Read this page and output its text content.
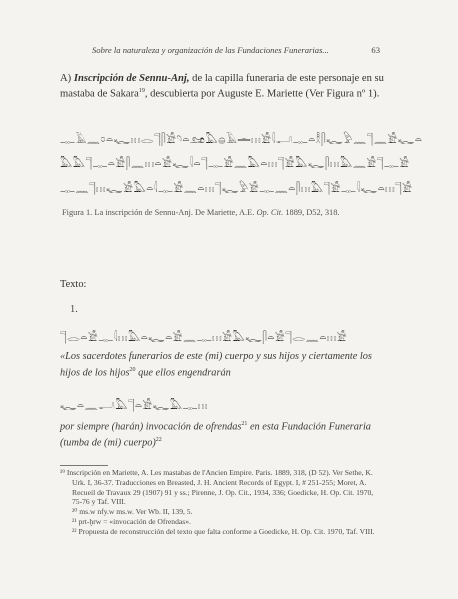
Sobre la naturaleza y organización de las Fundaciones Funerarias...	63
A) Inscripción de Sennu-Anj, de la capilla funeraria de este personaje en su mastaba de Sakara$^{19}$, descubierta por Auguste E. Mariette (Ver Figura nº 1).
𓊃𓄿𓈖𓏌𓏏𓆑𓏥𓂋𓊹𓋴𓀀𓄹𓏏𓃭𓅓𓐍𓄿𓏛𓏥𓀀𓇋𓂝𓊃𓏏𓎛𓋴𓆑𓅱𓈖𓊹𓈖𓀀𓆑𓏏
𓅓𓅓𓊹𓊃𓏏𓀀𓋴𓈖𓏥𓏏𓀀𓆑𓇋𓏏𓊹𓊃𓀀𓈖𓅓𓏏𓏥𓊹𓀀𓅓𓆑𓋴𓏥𓅓𓈖𓀀𓊹𓊃𓀀
𓊃𓈖𓊹𓏥𓆑𓀀𓅓𓏏𓇋𓊃𓀀𓈖𓏏𓏥𓊹𓆑𓅱𓀀𓊃𓈖𓏏𓋴𓏥𓅓𓊹𓀀𓊃𓇋𓆑𓏏𓏥𓊹𓀀
Figura 1. La inscripción de Sennu-Anj. De Mariette, A.E. Op. Cit. 1889, D52, 318.
Texto:
1.
𓊹𓂋𓏏𓀀𓊃𓇋𓏥𓅓𓏏𓆑𓏏𓀀𓈖𓊃𓏥𓀀𓅓𓆑𓋴𓏏𓀀𓊹𓂋𓈖𓏏𓏥𓀀
«Los sacerdotes funerarios de este (mi) cuerpo y sus hijos y ciertamente los hijos de los hijos$^{20}$ que ellos engendrarán
𓆑𓏏𓈖𓂝𓅓𓊹𓏏𓀀𓆑𓅓𓊃𓏥
por siempre (harán) invocación de ofrendas$^{21}$ en esta Fundación Funeraria (tumba de (mi) cuerpo)$^{22}$

¹⁹ Inscripción en Mariette, A. Les mastabas de l'Ancien Empire. Paris. 1889, 318, (D 52). Ver Sethe, K.

Urk. I, 36-37. Traducciones en Breasted, J. H. Ancient Records of Egypt. I, # 251-255; Moret, A. Recueil de Travaux 29 (1907) 91 y ss.; Pirenne, J. Op. Cit., 1934, 336; Goedicke, H. Op. Cit. 1970, 75-76 y Taf. VIII.

²⁰ ms.w nfy.w ms.w. Ver Wb. II, 139, 5.

²¹ prt-ḫrw = «invocación de Ofrendas».

²² Propuesta de reconstrucción del texto que falta conforme a Goedicke, H. Op. Cit. 1970, Taf. VIII.
